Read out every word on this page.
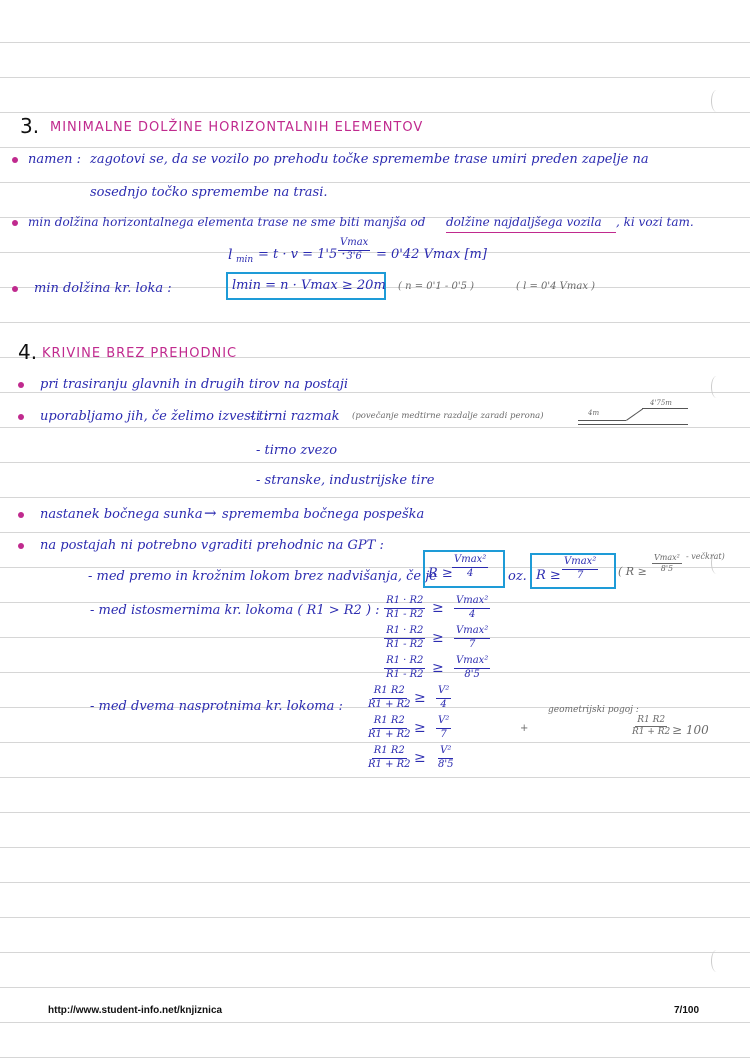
3. MINIMALNE DOLŽINE HORIZONTALNIH ELEMENTOV
namen : zagotovi se, da se vozilo po prehodu točke spremembe trase umiri preden zapelje na
sosednjo točko spremembe na trasi.
min dolžina horizontalnega elementa trase ne sme biti manjša od dolžine najdaljšega vozila , ki vozi tam.
l min = t · v = 1'5 ·
Vmax
3'6 = 0'42 Vmax [m]
min dolžina kr. loka :	lmin = n · Vmax ≥ 20m ( n = 0'1 - 0'5 )	( l = 0'4 Vmax )
4. KRIVINE BREZ PREHODNIC
pri trasiranju glavnih in drugih tirov na postaji
uporabljamo jih, če želimo izvesti :
- tirni razmak (povečanje medtirne razdalje zaradi perona)	4m
4'75m
- tirno zvezo
- stranske, industrijske tire
nastanek bočnega sunka → sprememba bočnega pospeška
na postajah ni potrebno vgraditi prehodnic na GPT :
- med premo in krožnim lokom brez nadvišanja, če je
R ≥
Vmax²
4	oz. R ≥
Vmax²
7	( R ≥
Vmax²
8'5
- večkrat)
- med istosmernima kr. lokoma ( R1 > R2 ) : $\frac{R1 \cdot R2}{R1 - R2} \ge Vmax^2$
4
$\frac{R1 \cdot R2}{R1 - R2} \ge Vmax^2$
7
$\frac{R1 \cdot R2}{R1 - R2} \ge Vmax^2$
8'5
- med dvema nasprotnima kr. lokoma : $\frac{R1 R2}{R1 + R2} \ge \frac{\text{V²}}{4}$
$\frac{R1 R2}{R1 + R2} \ge \frac{\text{V²}}{7}$
$\frac{R1 R2}{R1 + R2} \ge \frac{\text{V²}}{8'5}$
geometrijski pogoj :
$\frac{R1 R2}{R1 + R2} \ge 100$
+
http://www.student-info.net/knjiznica	7/100
